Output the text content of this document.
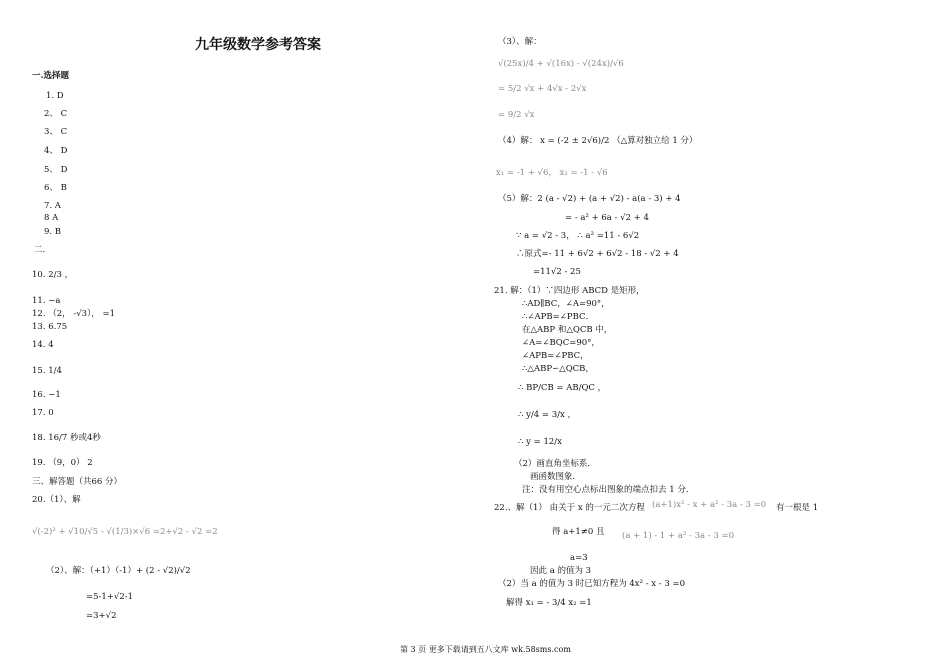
九年级数学参考答案
一.选择题
1. D
2、 C
3、 C
4、 D
5、 D
6、 B
7. A
8 A
9. B
二.
10. 2/3 ，
11. −a
12. （2， -√3）， =1
13. 6.75
14. 4
15. 1/4
16. −1
17. 0
18. 16/7 秒或4秒
19. （9，0） 2
三、解答题（共66 分）
20.（1）、解
√(-2)² + √10/√5 - √(1/3)×√6 =2+√2 - √2 =2
（2）、解：（+1）（-1）+ (2 - √2)/√2
=5-1+√2-1
=3+√2
（3）、解：
√(25x)/4 + √(16x) - √(24x)/√6
= 5/2 √x + 4√x - 2√x
= 9/2 √x
（4）解： x = (-2 ± 2√6)/2 （△算对独立给 1 分）
x₁ = -1 + √6， x₂ = -1 - √6
（5）解：2 (a - √2) + (a + √2) - a(a - 3) + 4
= - a² + 6a - √2 + 4
∵ a = √2 - 3， ∴ a² =11 - 6√2
∴原式=- 11 + 6√2 + 6√2 - 18 - √2 + 4
=11√2 - 25
21. 解：（1）∵四边形 ABCD 是矩形，
∴AD∥BC，∠A=90°，
∴∠APB=∠PBC．
在△ABP 和△QCB 中，
∠A=∠BQC=90°，
∠APB=∠PBC，
∴△ABP∽△QCB，
∴ BP/CB = AB/QC ，
∴ y/4 = 3/x ，
∴ y = 12/x
（2）画直角坐标系．
画函数图象．
注：没有用空心点标出图象的端点扣去 1 分．
22.、解（1） 由关于 x 的一元二次方程 (a+1)x² - x + a² - 3a - 3 =0 有一根是 1
得 a+1≠0 且 (a + 1) - 1 + a² - 3a - 3 =0
a=3
因此 a 的值为 3
（2）当 a 的值为 3 时已知方程为 4x² - x - 3 =0
解得 x₁ = - 3/4 x₂ =1
第 3 页 更多下载请到五八文库 wk.58sms.com
